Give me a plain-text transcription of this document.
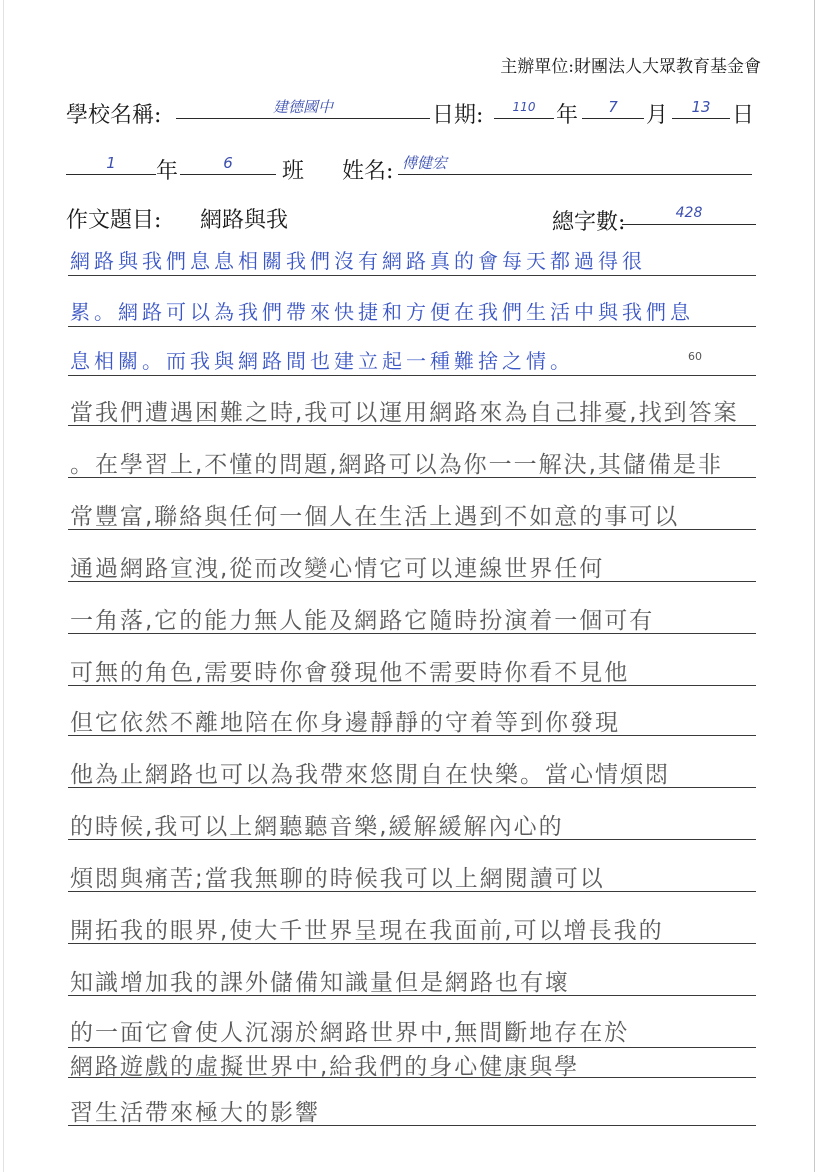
主辦單位:財團法人大眾教育基金會
學校名稱:	建德國中	日期:	110 年	7	月	13 日
1	年	6	班 姓名: 傅健宏
作文題目: 網路與我	總字數:	428
網路與我們息息相關我們沒有網路真的會每天都過得很
累。網路可以為我們帶來快捷和方便在我們生活中與我們息
息相關。而我與網路間也建立起一種難捨之情。	60
當我們遭遇困難之時,我可以運用網路來為自己排憂,找到答案
。在學習上,不懂的問題,網路可以為你一一解決,其儲備是非
常豐富,聯絡與任何一個人在生活上遇到不如意的事可以
通過網路宣洩,從而改變心情它可以連線世界任何
一角落,它的能力無人能及網路它隨時扮演着一個可有
可無的角色,需要時你會發現他不需要時你看不見他
但它依然不離地陪在你身邊靜靜的守着等到你發現
他為止網路也可以為我帶來悠閒自在快樂。當心情煩悶
的時候,我可以上網聽聽音樂,緩解緩解內心的
煩悶與痛苦;當我無聊的時候我可以上網閱讀可以
開拓我的眼界,使大千世界呈現在我面前,可以增長我的
知識增加我的課外儲備知識量但是網路也有壞
的一面它會使人沉溺於網路世界中,無間斷地存在於
網路遊戲的虛擬世界中,給我們的身心健康與學
習生活帶來極大的影響
